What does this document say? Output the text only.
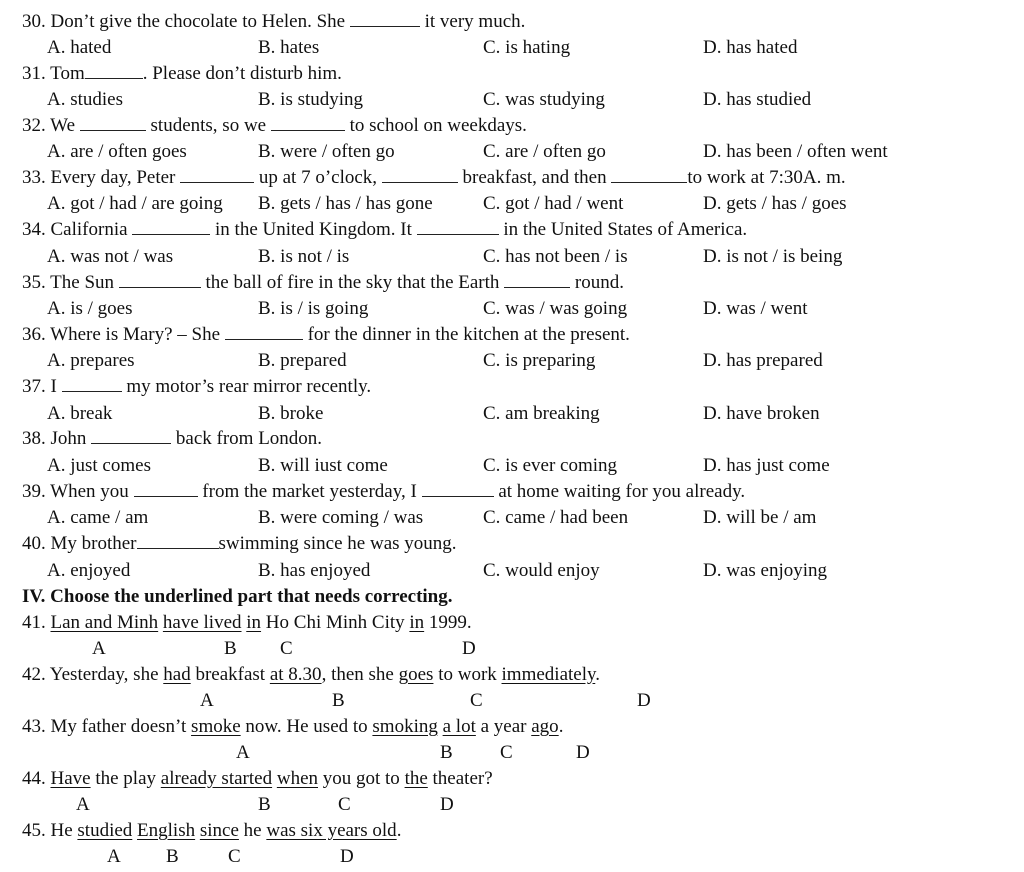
30. Don’t give the chocolate to Helen. She	it very much.
A. hated	B. hates	C. is hating	D. has hated
31. Tom	. Please don’t disturb him.
A. studies	B. is studying	C. was studying	D. has studied
32. We	students, so we	to school on weekdays.
A. are / often goes	B. were / often go	C. are / often go	D. has been / often went
33. Every day, Peter	up at 7 o’clock,	breakfast, and then	to work at 7:30A. m.
A. got / had / are going B. gets / has / has gone	C. got / had / went	D. gets / has / goes
34. California	in the United Kingdom. It	in the United States of America.
A. was not / was	B. is not / is	C. has not been / is	D. is not / is being
35. The Sun	the ball of fire in the sky that the Earth	round.
A. is / goes	B. is / is going	C. was / was going	D. was / went
36. Where is Mary? – She	for the dinner in the kitchen at the present.
A. prepares	B. prepared	C. is preparing	D. has prepared
37. I	my motor’s rear mirror recently.
A. break	B. broke	C. am breaking	D. have broken
38. John	back from London.
A. just comes	B. will iust come	C. is ever coming	D. has just come
39. When you	from the market yesterday, I	at home waiting for you already.
A. came / am	B. were coming / was	C. came / had been	D. will be / am
40. My brother	swimming since he was young.
A. enjoyed	B. has enjoyed	C. would enjoy	D. was enjoying
IV. Choose the underlined part that needs correcting.
41. Lan and Minh have lived in Ho Chi Minh City in 1999.
A	B C	D
42. Yesterday, she had breakfast at 8.30, then she goes to work immediately.
A	B	C	D
43. My father doesn’t smoke now. He used to smoking a lot a year ago.
A	B C	D
44. Have the play already started when you got to the theater?
A	B	C	D
45. He studied English since he was six years old.
A B	C	D
